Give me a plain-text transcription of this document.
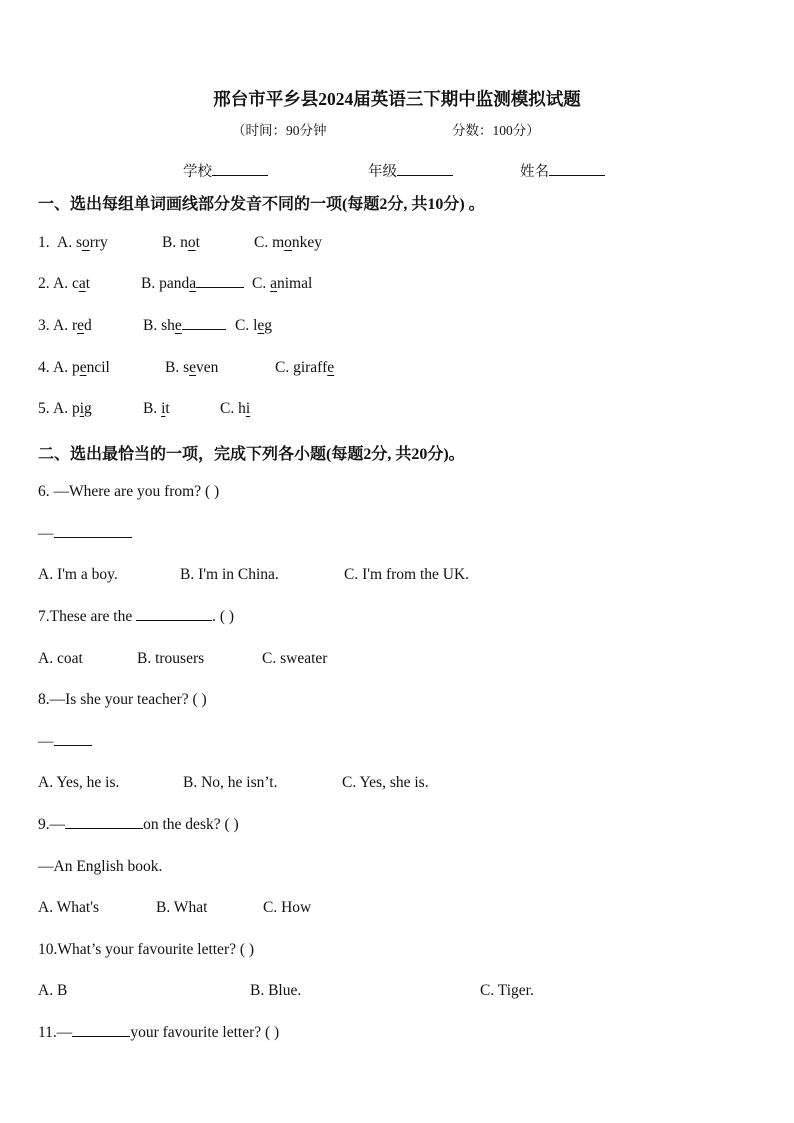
邢台市平乡县2024届英语三下期中监测模拟试题
（时间：90分钟	分数：100分）
学校	年级	姓名
一、选出每组单词画线部分发音不同的一项(每题2分, 共10分) 。
1. A. sorry	B. not	C. monkey
2. A. cat	B. panda	C. animal
3. A. red	B. she	C. leg
4. A. pencil	B. seven	C. giraffe
5. A. pig	B. it	C. hi
二、选出最恰当的一项，完成下列各小题(每题2分, 共20分)。
6. —Where are you from? ( )
—
A. I'm a boy.	B. I'm in China.	C. I'm from the UK.
7.These are the	. ( )
A. coat	B. trousers	C. sweater
8.—Is she your teacher? ( )
—
A. Yes, he is.	B. No, he isn’t.	C. Yes, she is.
9.—	on the desk? ( )
—An English book.
A. What's	B. What	C. How
10.What’s your favourite letter? ( )
A. B	B. Blue.	C. Tiger.
11.—	your favourite letter? ( )
